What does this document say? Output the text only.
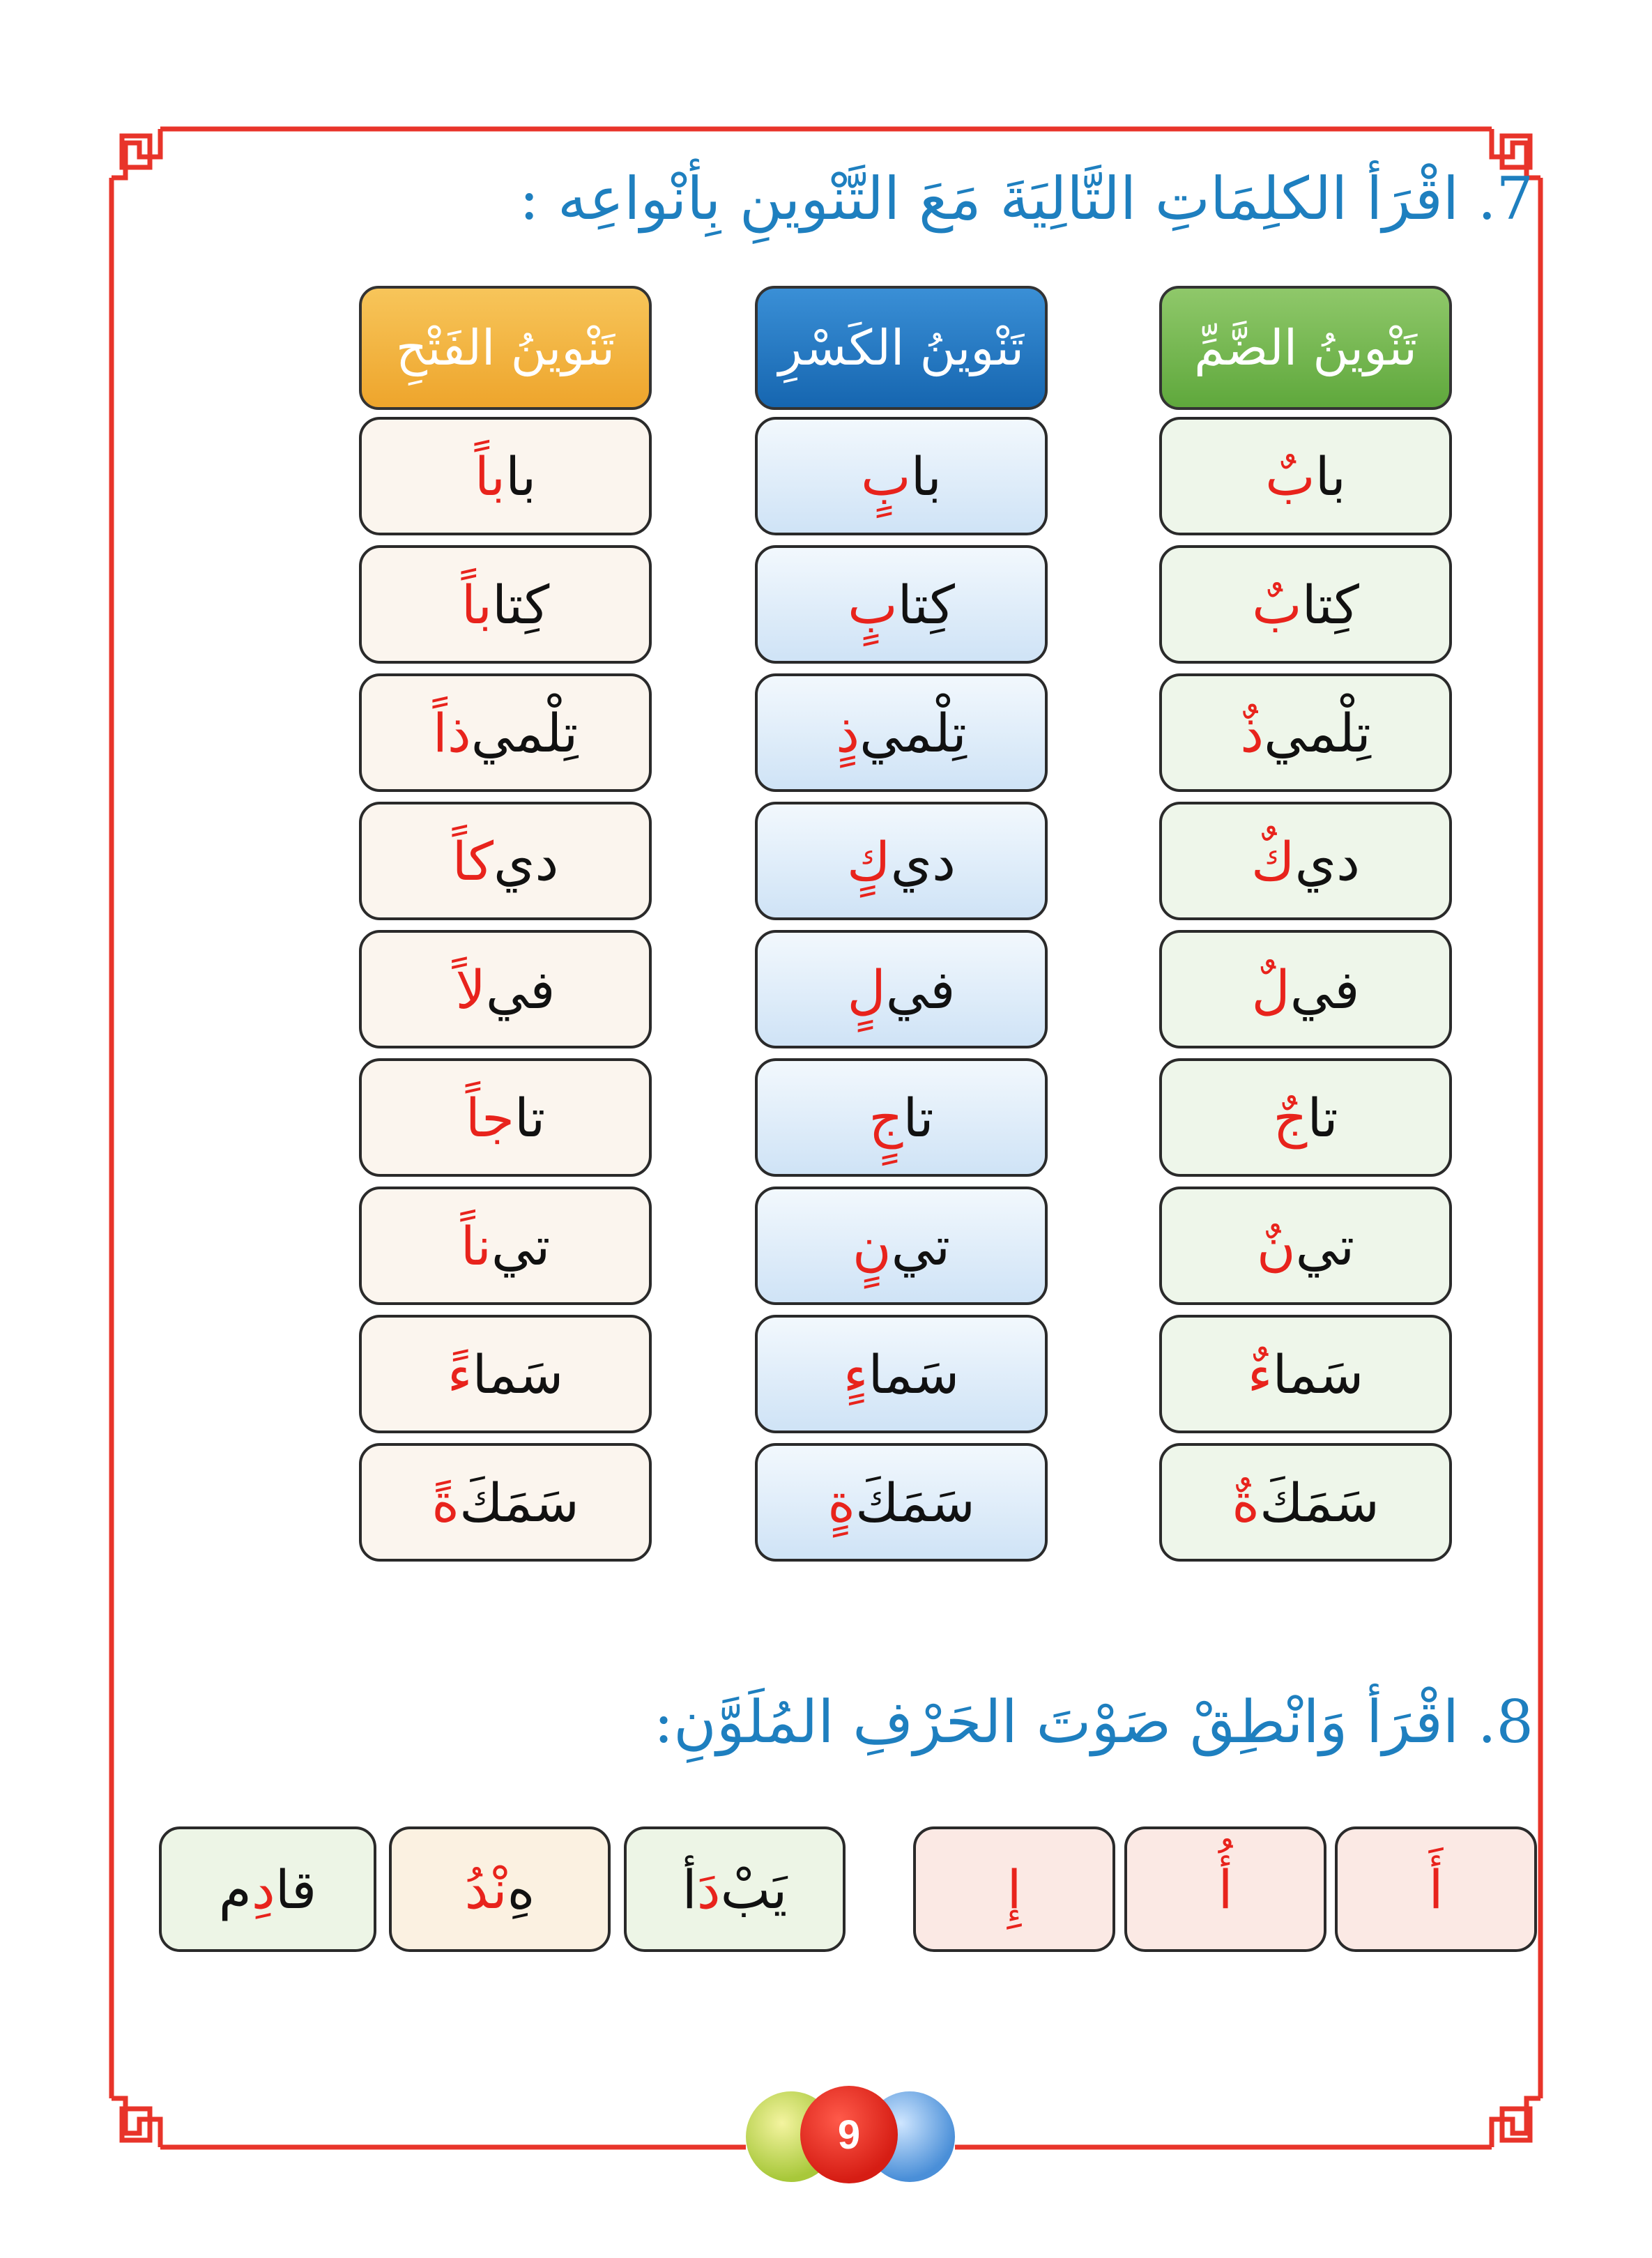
7. اقْرَأ الكلِمَاتِ التَّالِيَةَ مَعَ التَّنْوينِ بِأنْواعِه :
تَنْوينُ الضَّمِّ
با
بٌ
كِتا
بٌ
تِلْمي
ذٌ
دي
كٌ
في
لٌ
تا
جٌ
تي
نٌ
سَما
ءٌ
سَمَكَ
ةٌ
تَنْوينُ الكَسْرِ
با
بٍ
كِتا
بٍ
تِلْمي
ذٍ
دي
كٍ
في
لٍ
تا
جٍ
تي
نٍ
سَما
ءٍ
سَمَكَ
ةٍ
تَنْوينُ الفَتْحِ
با
باً
كِتا
باً
تِلْمي
ذاً
دي
كاً
في
لاً
تا
جاً
تي
ناً
سَما
ءً
سَمَكَ
ةً
8. اقْرَأ وَانْطِقْ صَوْتَ الحَرْفِ المُلَوَّنِ:
أَ
أُ
إِ
يَبْ
دَ
أ
هِ
نْدُ
قا
دِ
م
9
